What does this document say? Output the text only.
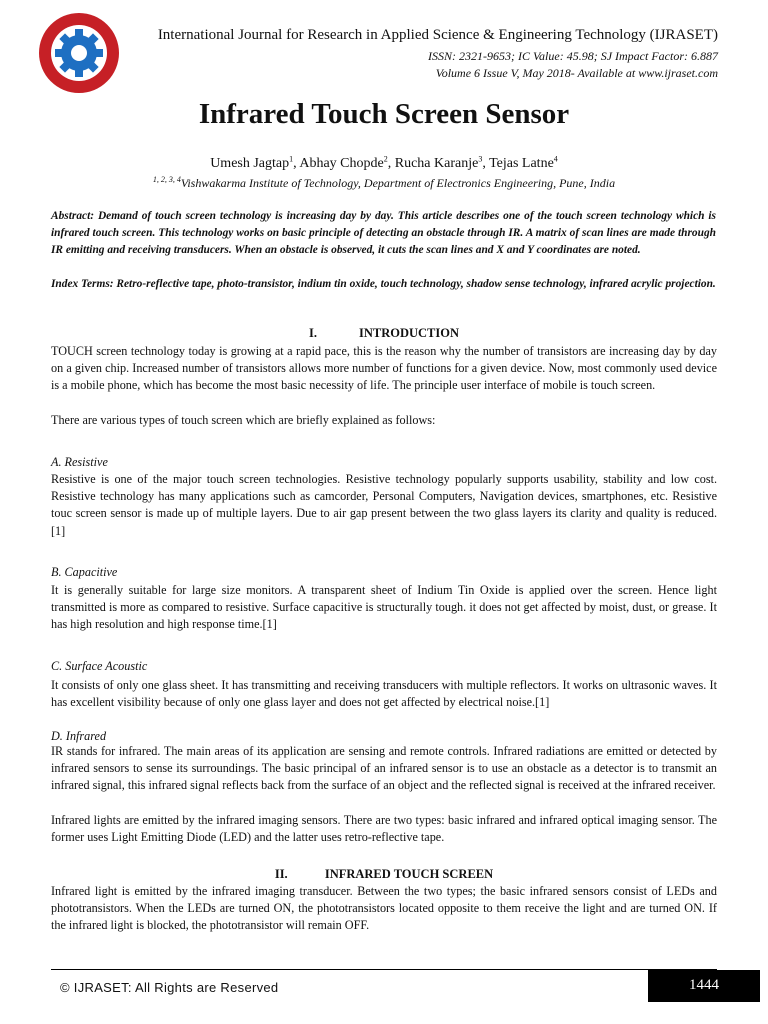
International Journal for Research in Applied Science & Engineering Technology (IJRASET)
ISSN: 2321-9653; IC Value: 45.98; SJ Impact Factor: 6.887
Volume 6 Issue V, May 2018- Available at www.ijraset.com
Infrared Touch Screen Sensor
Umesh Jagtap$^1$, Abhay Chopde$^2$, Rucha Karanje$^3$, Tejas Latne$^4$
$^{1, 2, 3, 4}$Vishwakarma Institute of Technology, Department of Electronics Engineering, Pune, India

Abstract: Demand of touch screen technology is increasing day by day. This article describes one of the touch screen technology which is infrared touch screen. This technology works on basic principle of detecting an obstacle through IR. A matrix of scan lines are made through IR emitting and receiving transducers. When an obstacle is observed, it cuts the scan lines and X and Y coordinates are noted.

Index Terms: Retro-reflective tape, photo-transistor, indium tin oxide, touch technology, shadow sense technology, infrared acrylic projection.

I.	INTRODUCTION

TOUCH screen technology today is growing at a rapid pace, this is the reason why the number of transistors are increasing day by day on a given chip. Increased number of transistors allows more number of functions for a given device. Now, most commonly used device is a mobile phone, which has become the most basic necessity of life. The principle user interface of mobile is touch screen.

There are various types of touch screen which are briefly explained as follows:

A. Resistive

Resistive is one of the major touch screen technologies. Resistive technology popularly supports usability, stability and low cost. Resistive technology has many applications such as camcorder, Personal Computers, Navigation devices, smartphones, etc. Resistive touc screen sensor is made up of multiple layers. Due to air gap present between the two glass layers its clarity and quality is reduced. [1]

B. Capacitive

It is generally suitable for large size monitors. A transparent sheet of Indium Tin Oxide is applied over the screen. Hence light transmitted is more as compared to resistive. Surface capacitive is structurally tough. it does not get affected by moist, dust, or grease. It has high resolution and high response time.[1]

C. Surface Acoustic

It consists of only one glass sheet. It has transmitting and receiving transducers with multiple reflectors. It works on ultrasonic waves. It has excellent visibility because of only one glass layer and does not get affected by electrical noise.[1]

D. Infrared

IR stands for infrared. The main areas of its application are sensing and remote controls. Infrared radiations are emitted or detected by infrared sensors to sense its surroundings. The basic principal of an infrared sensor is to use an obstacle as a detector is to transmit an infrared signal, this infrared signal reflects back from the surface of an object and the reflected signal is received at the infrared receiver.

Infrared lights are emitted by the infrared imaging sensors. There are two types: basic infrared and infrared optical imaging sensor. The former uses Light Emitting Diode (LED) and the latter uses retro-reflective tape.

II.	INFRARED TOUCH SCREEN

Infrared light is emitted by the infrared imaging transducer. Between the two types; the basic infrared sensors consist of LEDs and phototransistors. When the LEDs are turned ON, the phototransistors located opposite to them receive the light and are turned ON. If the infrared light is blocked, the phototransistor will remain OFF.

© IJRASET: All Rights are Reserved	1444
